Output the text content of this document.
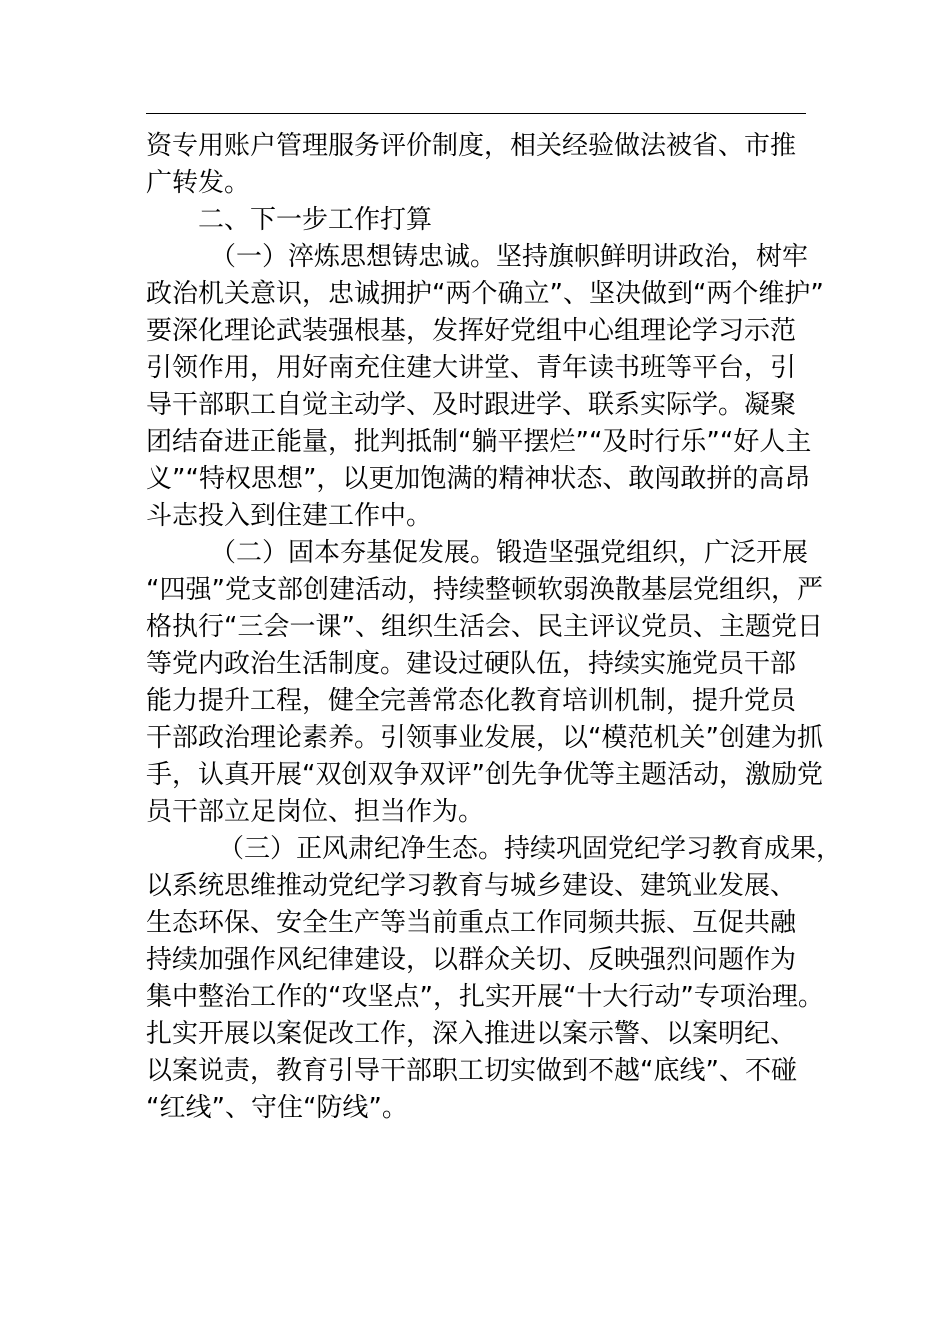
资专用账户管理服务评价制度，相关经验做法被省、市推
广转发。
二、下一步工作打算
（一）淬炼思想铸忠诚。坚持旗帜鲜明讲政治，树牢
政治机关意识，忠诚拥护“两个确立”、坚决做到“两个维护”
要深化理论武装强根基，发挥好党组中心组理论学习示范
引领作用，用好南充住建大讲堂、青年读书班等平台，引
导干部职工自觉主动学、及时跟进学、联系实际学。凝聚
团结奋进正能量，批判抵制“躺平摆烂”“及时行乐”“好人主
义”“特权思想”，以更加饱满的精神状态、敢闯敢拼的高昂
斗志投入到住建工作中。
（二）固本夯基促发展。锻造坚强党组织，广泛开展
“四强”党支部创建活动，持续整顿软弱涣散基层党组织，严
格执行“三会一课”、组织生活会、民主评议党员、主题党日
等党内政治生活制度。建设过硬队伍，持续实施党员干部
能力提升工程，健全完善常态化教育培训机制，提升党员
干部政治理论素养。引领事业发展，以“模范机关”创建为抓
手，认真开展“双创双争双评”创先争优等主题活动，激励党
员干部立足岗位、担当作为。
（三）正风肃纪净生态。持续巩固党纪学习教育成果，
以系统思维推动党纪学习教育与城乡建设、建筑业发展、
生态环保、安全生产等当前重点工作同频共振、互促共融
持续加强作风纪律建设，以群众关切、反映强烈问题作为
集中整治工作的“攻坚点”，扎实开展“十大行动”专项治理。
扎实开展以案促改工作，深入推进以案示警、以案明纪、
以案说责，教育引导干部职工切实做到不越“底线”、不碰
“红线”、守住“防线”。
